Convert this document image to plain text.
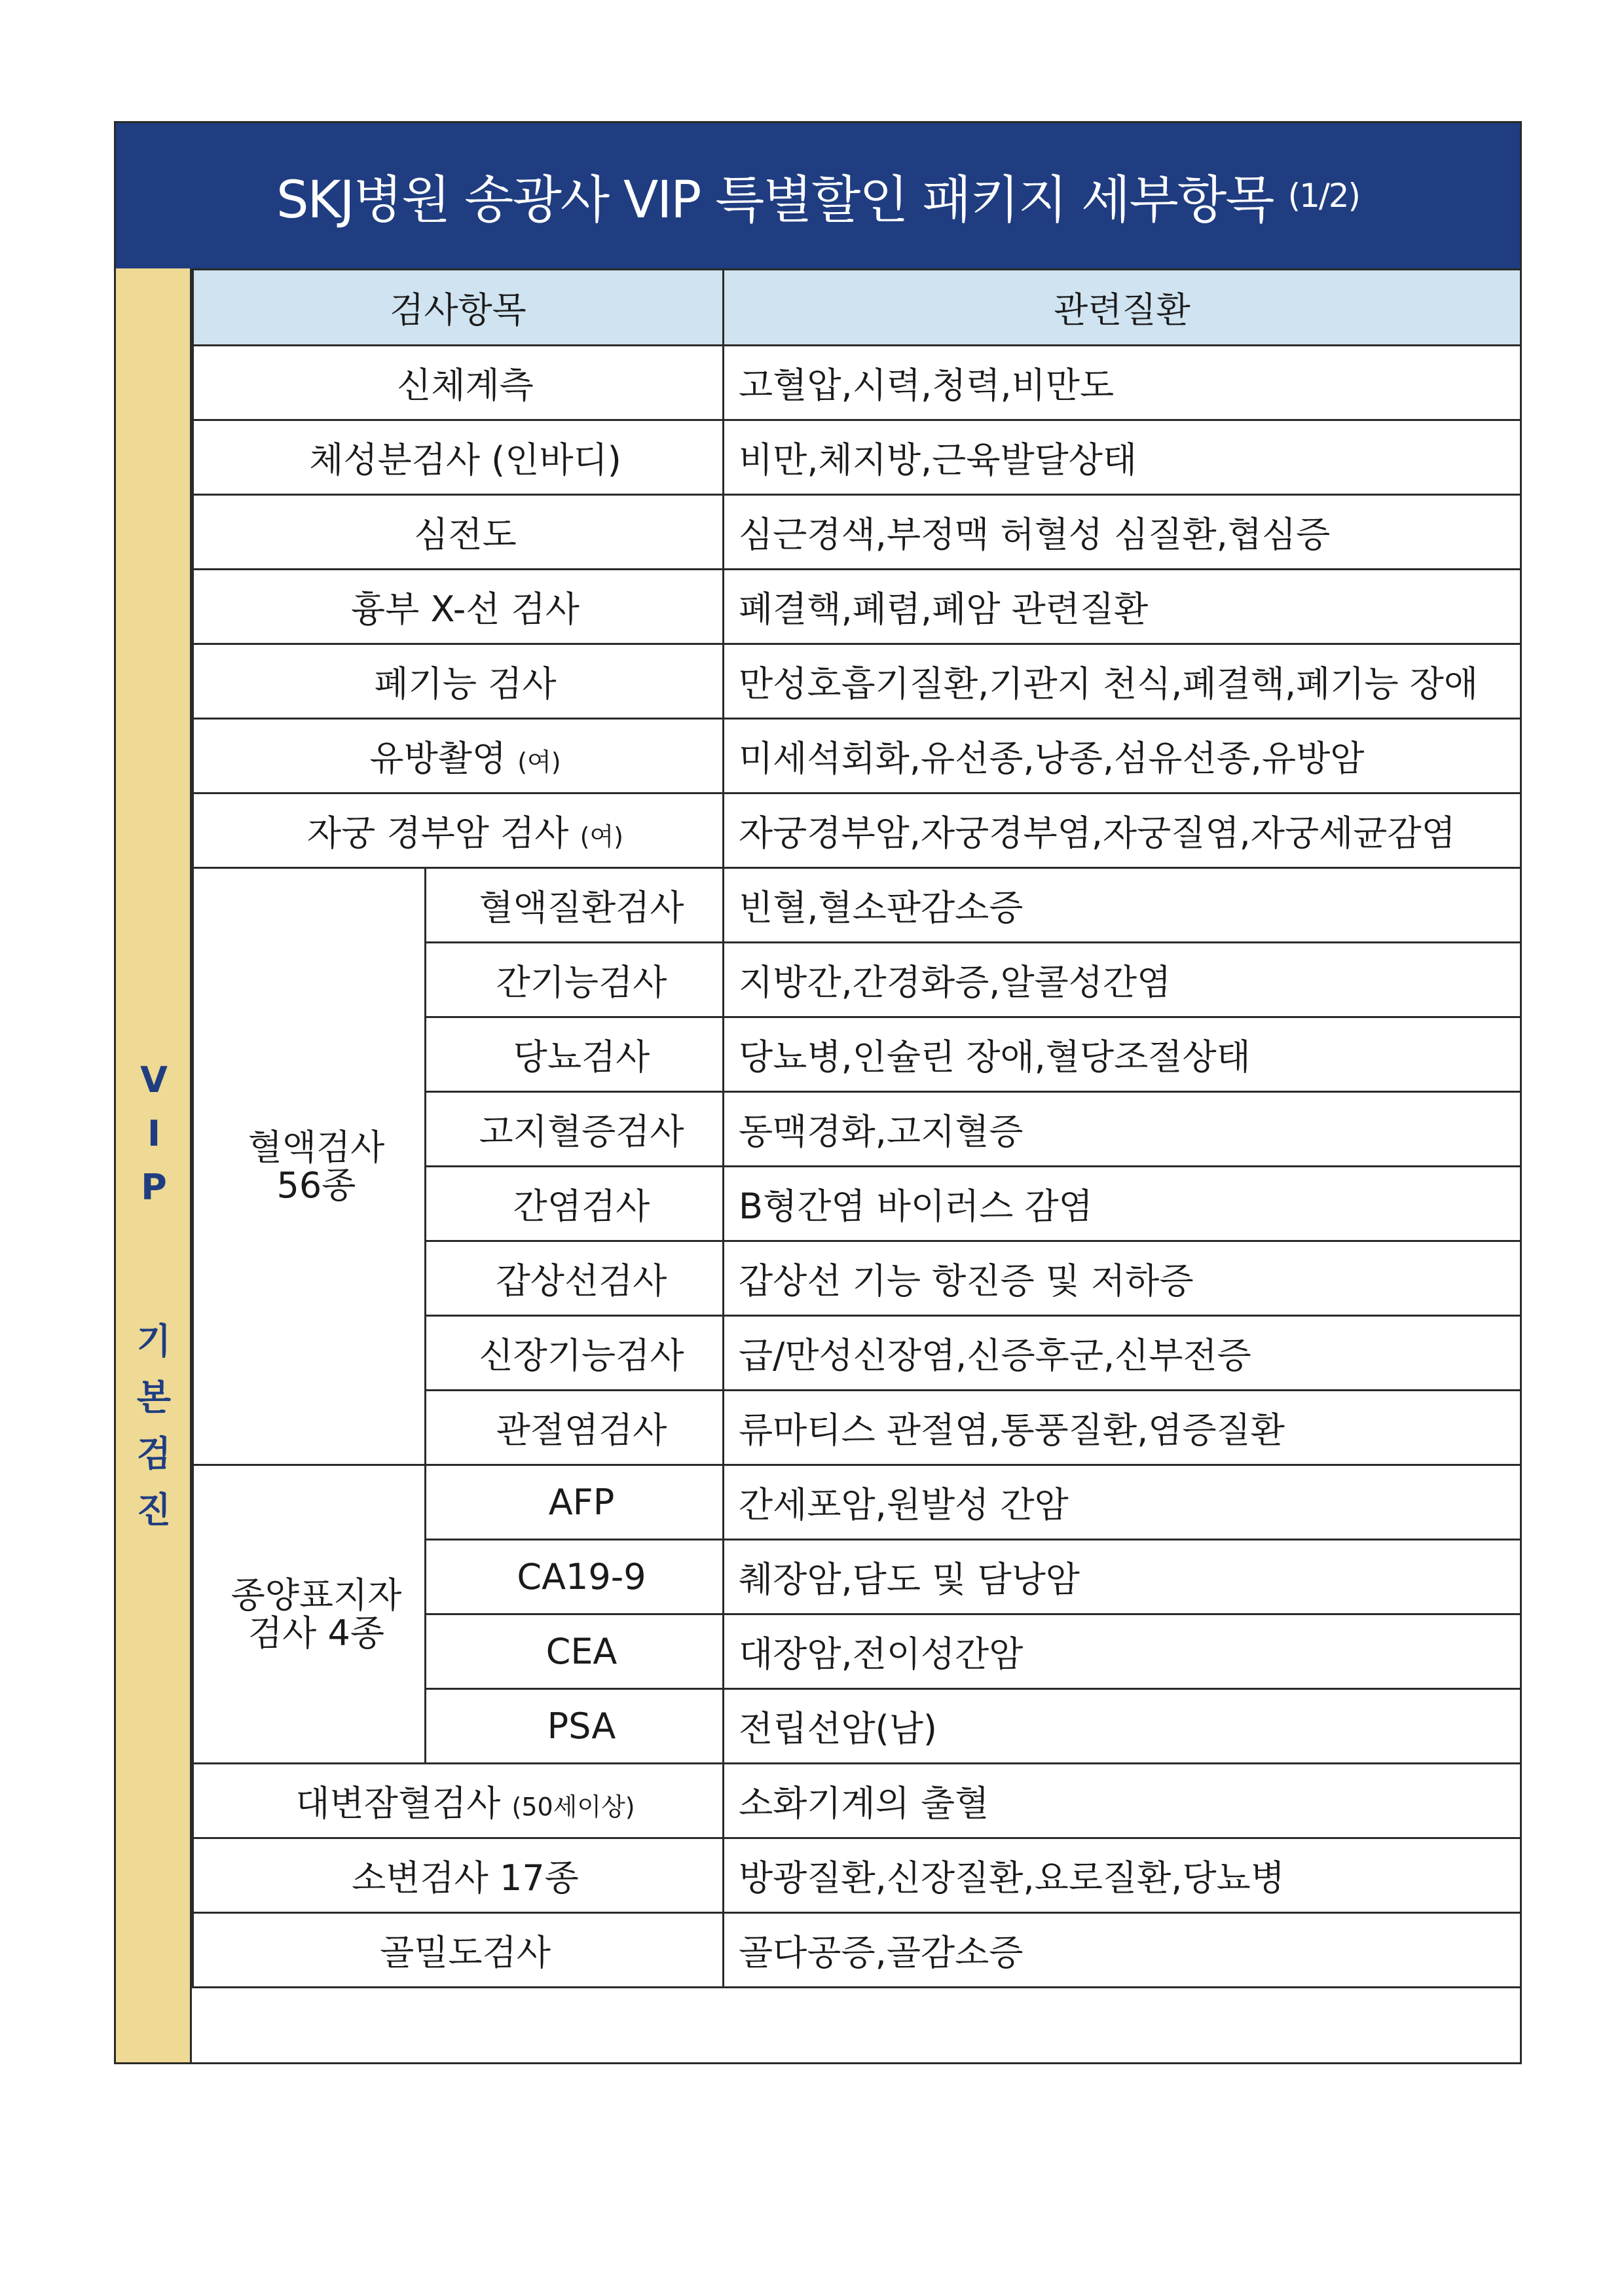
SKJ병원 송광사 VIP 특별할인 패키지 세부항목 (1/2)
V
I
P
기
본
검
진
검사항목		관련질환
신체계측		고혈압,시력,청력,비만도
체성분검사 (인바디)		비만,체지방,근육발달상태
심전도		심근경색,부정맥 허혈성 심질환,협심증
흉부 X-선 검사		폐결핵,폐렴,폐암 관련질환
폐기능 검사		만성호흡기질환,기관지 천식,폐결핵,폐기능 장애
유방촬영 (여)		미세석회화,유선종,낭종,섬유선종,유방암
자궁 경부암 검사 (여)		자궁경부암,자궁경부염,자궁질염,자궁세균감염

혈액검사
56종	혈액질환검사	빈혈,혈소판감소증
	간기능검사	지방간,간경화증,알콜성간염
	당뇨검사	당뇨병,인슐린 장애,혈당조절상태
	고지혈증검사	동맥경화,고지혈증
	간염검사	B형간염 바이러스 감염
	갑상선검사	갑상선 기능 항진증 및 저하증
	신장기능검사	급/만성신장염,신증후군,신부전증
	관절염검사	류마티스 관절염,통풍질환,염증질환

종양표지자
검사 4종	AFP	간세포암,원발성 간암
	CA19-9	췌장암,담도 및 담낭암
	CEA	대장암,전이성간암
	PSA	전립선암(남)
대변잠혈검사 (50세이상)		소화기계의 출혈
소변검사 17종		방광질환,신장질환,요로질환,당뇨병
골밀도검사		골다공증,골감소증
